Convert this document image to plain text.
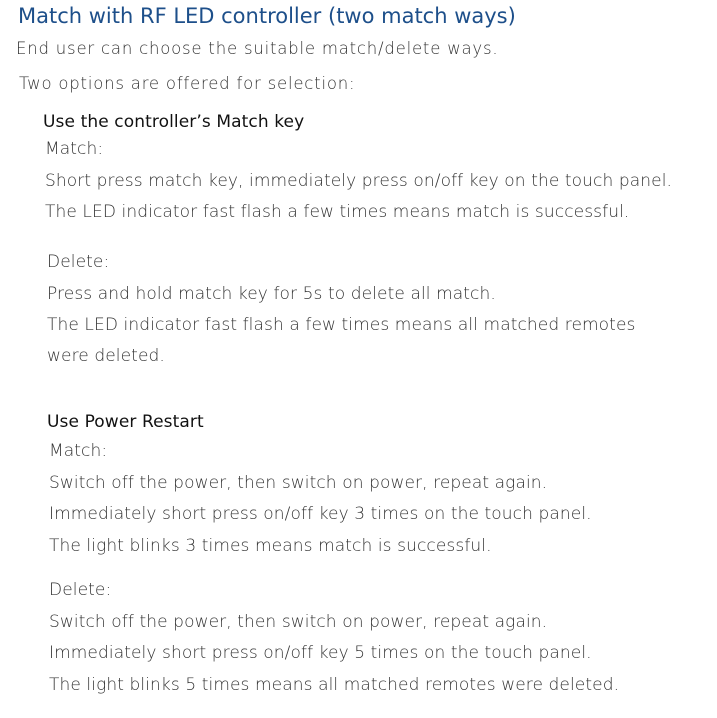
Match with RF LED controller (two match ways)
End user can choose the suitable match/delete ways.
Two options are offered for selection:
Use the controller’s Match key
Match:
Short press match key, immediately press on/off key on the touch panel.
The LED indicator fast flash a few times means match is successful.
Delete:
Press and hold match key for 5s to delete all match.
The LED indicator fast flash a few times means all matched remotes
were deleted.
Use Power Restart
Match:
Switch off the power, then switch on power, repeat again.
Immediately short press on/off key 3 times on the touch panel.
The light blinks 3 times means match is successful.
Delete:
Switch off the power, then switch on power, repeat again.
Immediately short press on/off key 5 times on the touch panel.
The light blinks 5 times means all matched remotes were deleted.
